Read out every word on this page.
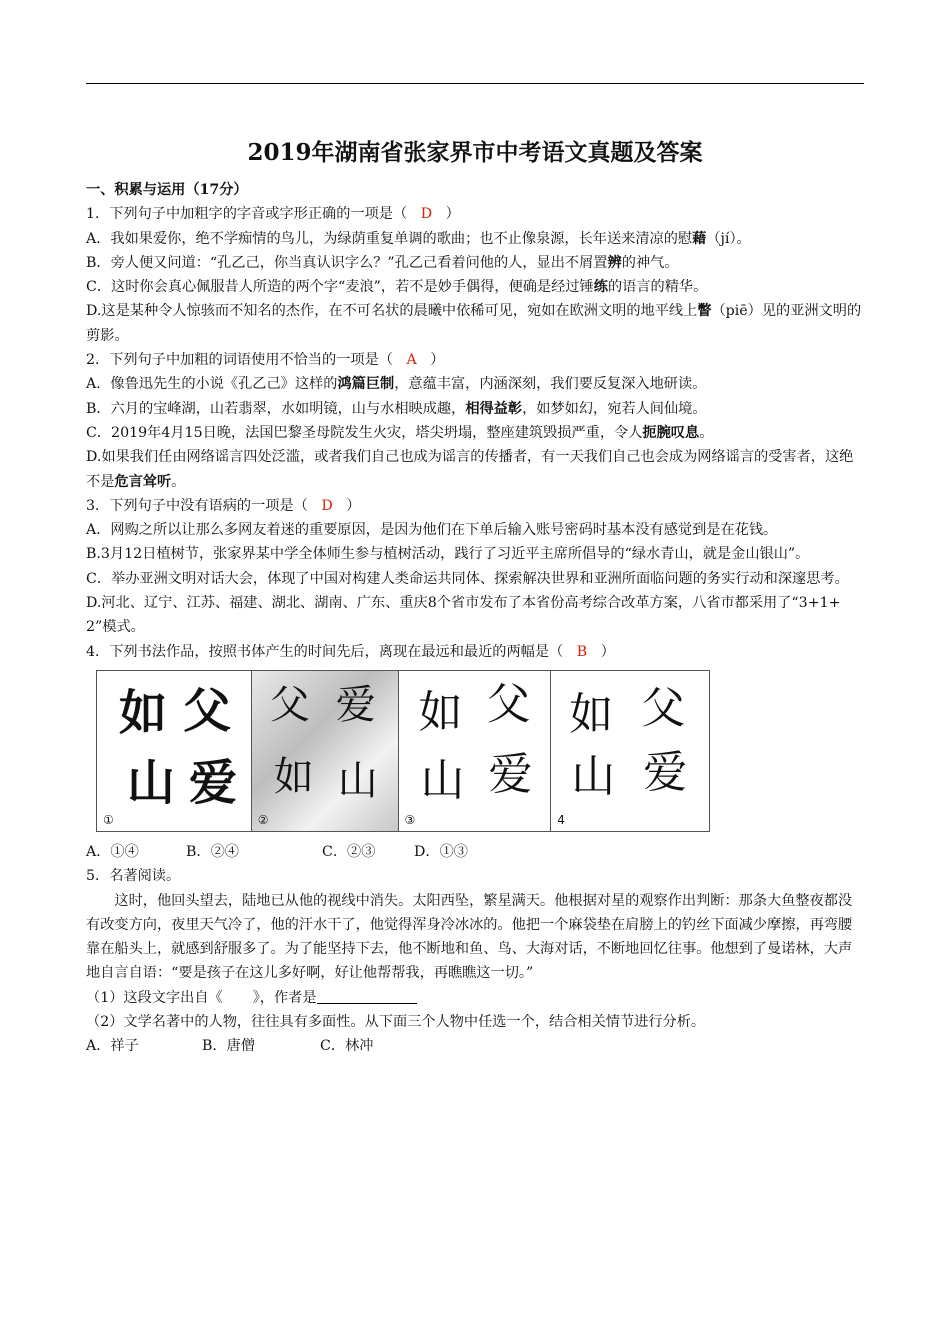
2019年湖南省张家界市中考语文真题及答案

一、积累与运用（17分）

1．下列句子中加粗字的字音或字形正确的一项是（ D ）

A．我如果爱你，绝不学痴情的鸟儿，为绿荫重复单调的歌曲；也不止像泉源，长年送来清凉的慰藉（jí）。

B．旁人便又问道：“孔乙己，你当真认识字么？”孔乙己看着问他的人，显出不屑置辨的神气。

C．这时你会真心佩服昔人所造的两个字“麦浪”，若不是妙手偶得，便确是经过锤练的语言的精华。

D.这是某种令人惊骇而不知名的杰作，在不可名状的晨曦中依稀可见，宛如在欧洲文明的地平线上瞥（piē）见的亚洲文明的剪影。

2．下列句子中加粗的词语使用不恰当的一项是（ A ）

A．像鲁迅先生的小说《孔乙己》这样的鸿篇巨制，意蕴丰富，内涵深刻，我们要反复深入地研读。

B．六月的宝峰湖，山若翡翠，水如明镜，山与水相映成趣，相得益彰，如梦如幻，宛若人间仙境。

C．2019年4月15日晚，法国巴黎圣母院发生火灾，塔尖坍塌，整座建筑毁损严重，令人扼腕叹息。

D.如果我们任由网络谣言四处泛滥，或者我们自己也成为谣言的传播者，有一天我们自己也会成为网络谣言的受害者，这绝不是危言耸听。

3．下列句子中没有语病的一项是（ D ）

A．网购之所以让那么多网友着迷的重要原因，是因为他们在下单后输入账号密码时基本没有感觉到是在花钱。

B.3月12日植树节，张家界某中学全体师生参与植树活动，践行了习近平主席所倡导的“绿水青山，就是金山银山”。

C．举办亚洲文明对话大会，体现了中国对构建人类命运共同体、探索解决世界和亚洲所面临问题的务实行动和深邃思考。

D.河北、辽宁、江苏、福建、湖北、湖南、广东、重庆8个省市发布了本省份高考综合改革方案，八省市都采用了“3+1+2”模式。

4．下列书法作品，按照书体产生的时间先后，离现在最远和最近的两幅是（ B ）

如 父
山 爱
①
父 爱
如 山
②
如 父
山 爱
③
如 父
山 爱
4

A．①④	B．②④	C．②③	D．①③

5．名著阅读。

这时，他回头望去，陆地已从他的视线中消失。太阳西坠，繁星满天。他根据对星的观察作出判断：那条大鱼整夜都没有改变方向，夜里天气冷了，他的汗水干了，他觉得浑身冷冰冰的。他把一个麻袋垫在肩膀上的钓丝下面减少摩擦，再弯腰靠在船头上，就感到舒服多了。为了能坚持下去，他不断地和鱼、鸟、大海对话，不断地回忆往事。他想到了曼诺林，大声地自言自语：“要是孩子在这儿多好啊，好让他帮帮我，再瞧瞧这一切。”

（1）这段文字出自《 》，作者是

（2）文学名著中的人物，往往具有多面性。从下面三个人物中任选一个，结合相关情节进行分析。

A．祥子	B．唐僧	C．林冲
